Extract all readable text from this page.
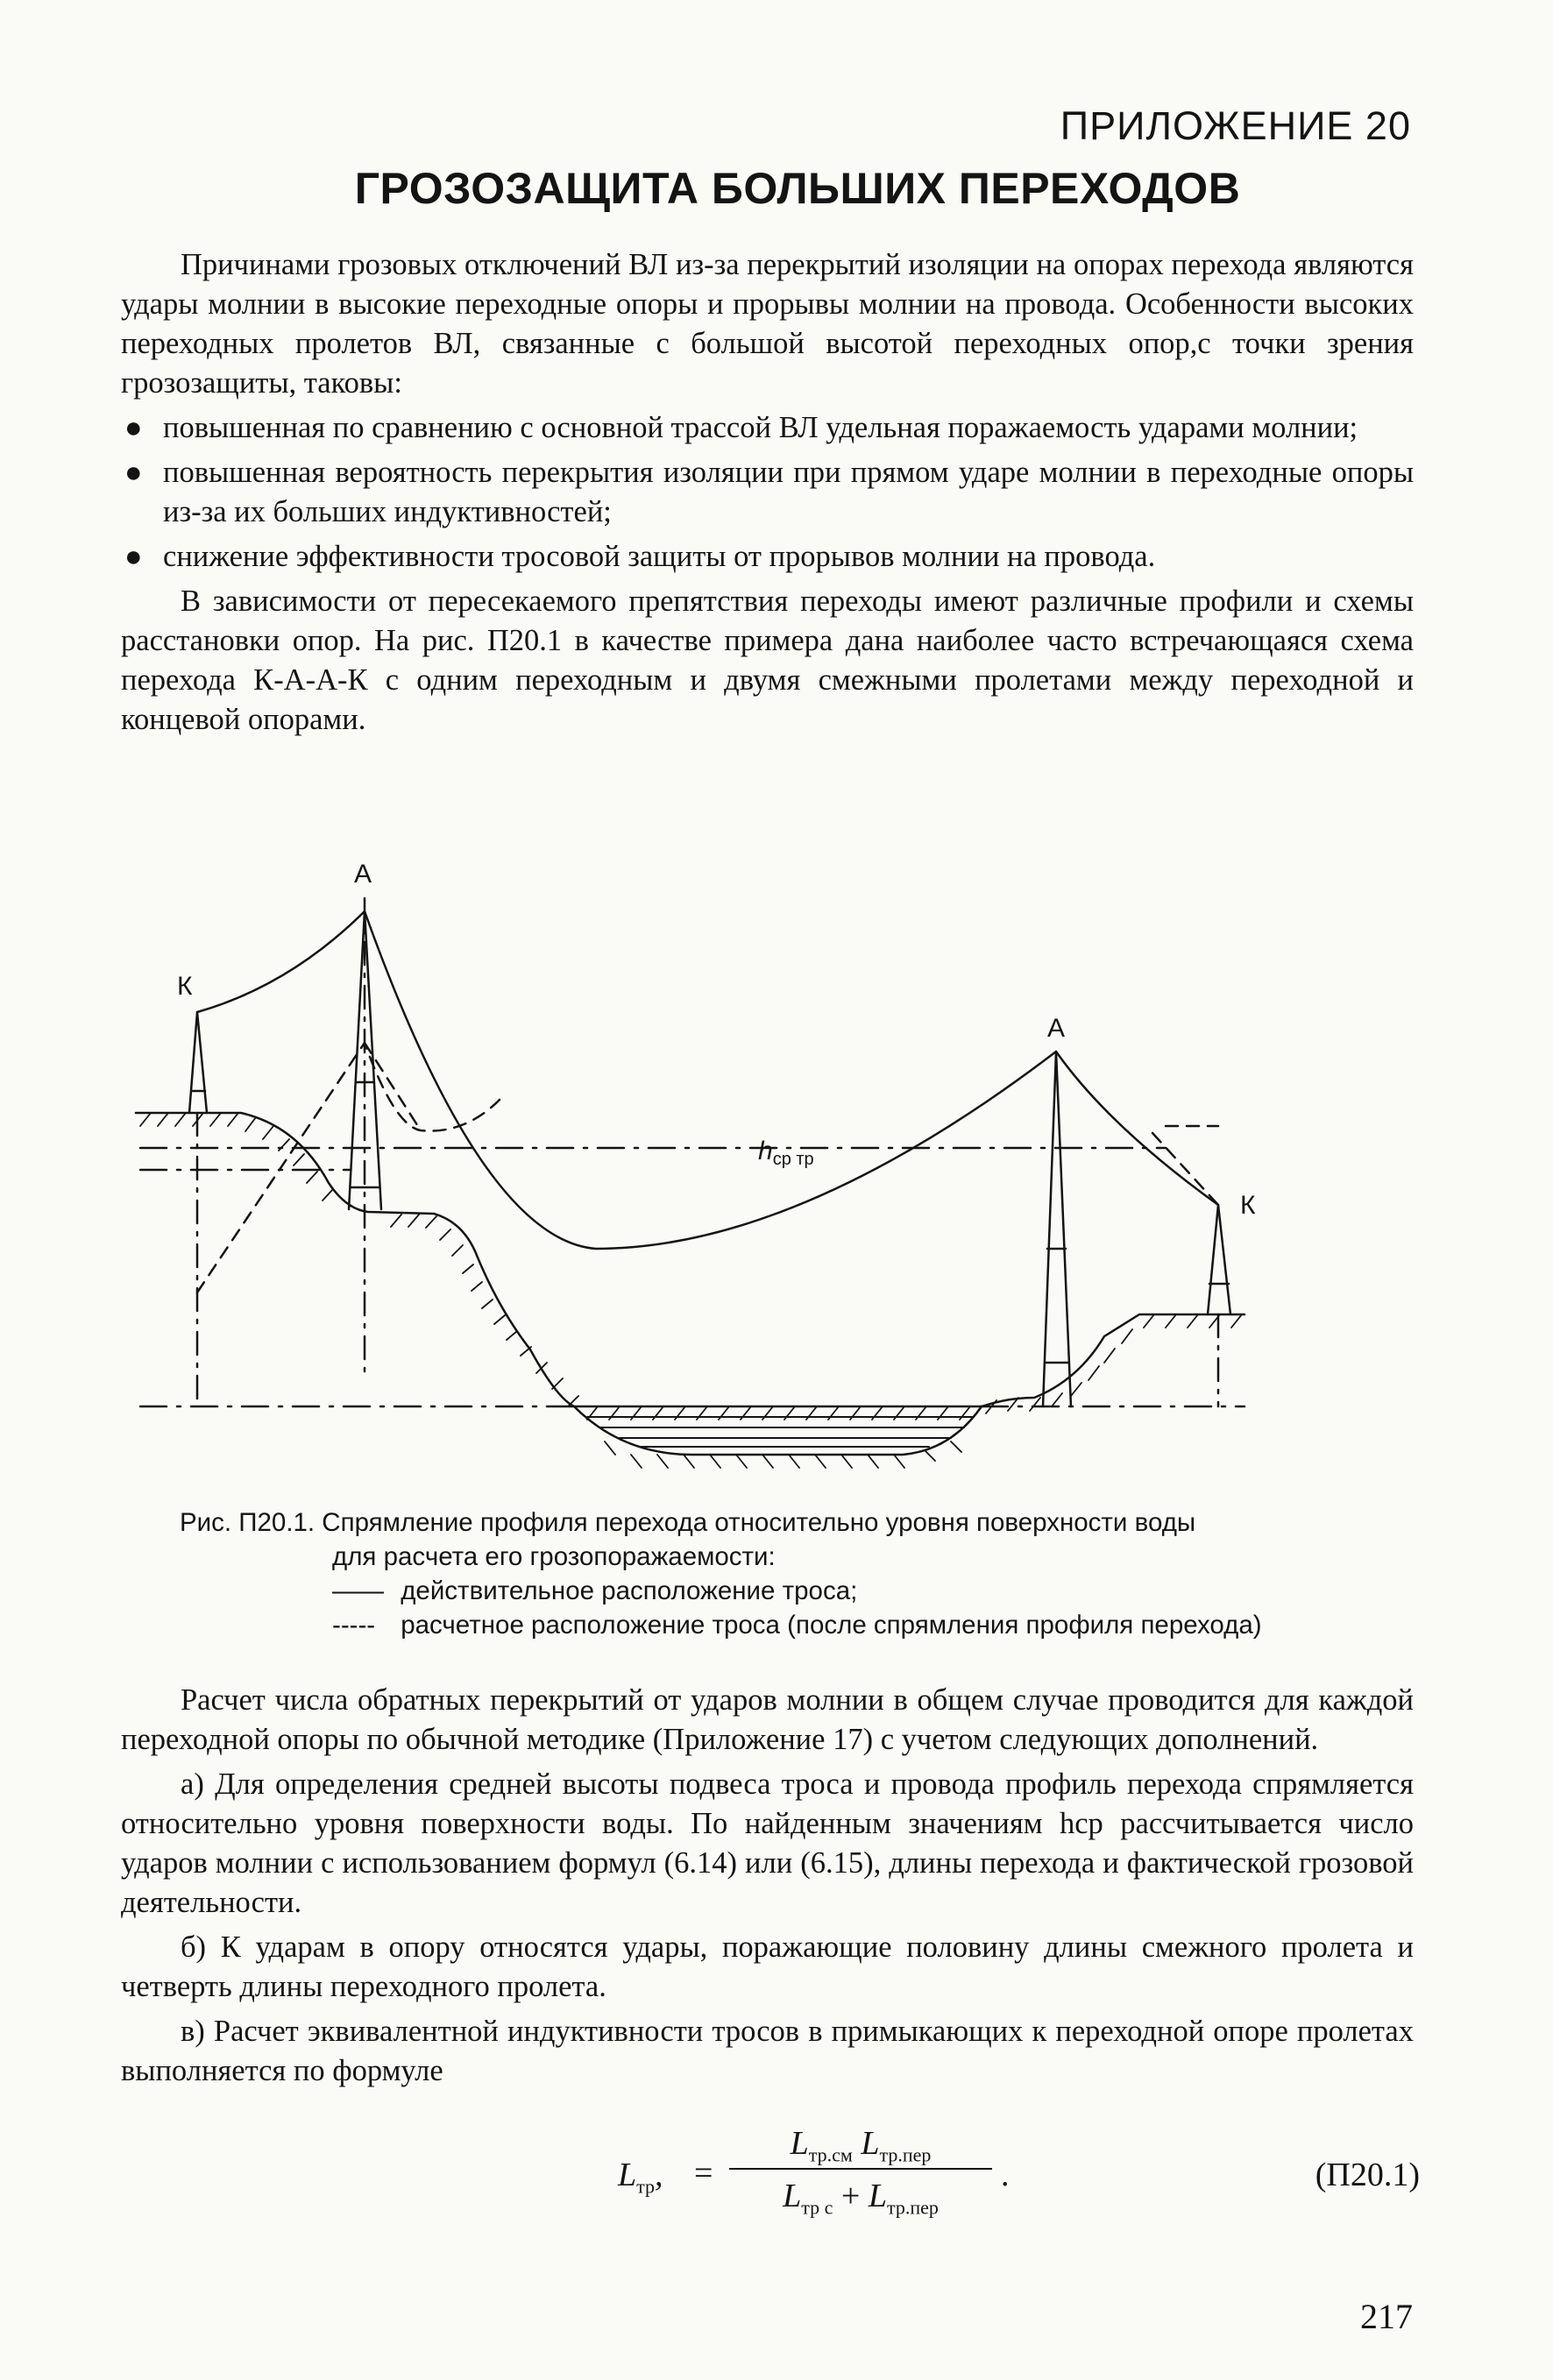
ПРИЛОЖЕНИЕ 20
ГРОЗОЗАЩИТА БОЛЬШИХ ПЕРЕХОДОВ

Причинами грозовых отключений ВЛ из-за перекрытий изоляции на опорах перехода являются удары молнии в высокие переходные опоры и прорывы молнии на провода. Особенности высоких переходных пролетов ВЛ, связанные с большой высотой переходных опор,с точки зрения грозозащиты, таковы:

● повышенная по сравнению с основной трассой ВЛ удельная поражаемость ударами молнии;
● повышенная вероятность перекрытия изоляции при прямом ударе молнии в переходные опоры из-за их больших индуктивностей;
● снижение эффективности тросовой защиты от прорывов молнии на провода.

В зависимости от пересекаемого препятствия переходы имеют различные профили и схемы расстановки опор. На рис. П20.1 в качестве примера дана наиболее часто встречающаяся схема перехода К-А-А-К с одним переходным и двумя смежными пролетами между переходной и концевой опорами.

А
А
К
К
$h_{ср тр}$
Рис. П20.1. Спрямление профиля перехода относительно уровня поверхности воды
для расчета его грозопоражаемости:
—— действительное расположение троса;
----- расчетное расположение троса (после спрямления профиля перехода)

Расчет числа обратных перекрытий от ударов молнии в общем случае проводится для каждой переходной опоры по обычной методике (Приложение 17) с учетом следующих дополнений.

а) Для определения средней высоты подвеса троса и провода профиль перехода спрямляется относительно уровня поверхности воды. По найденным значениям hср рассчитывается число ударов молнии с использованием формул (6.14) или (6.15), длины перехода и фактической грозовой деятельности.

б) К ударам в опору относятся удары, поражающие половину длины смежного пролета и четверть длины переходного пролета.

в) Расчет эквивалентной индуктивности тросов в примыкающих к переходной опоре пролетах выполняется по формуле

$L_{тр}$, =
$L_{тр.см}$ $L_{тр.пер}$
$L_{тр с} + L_{тр.пер}$
.	(П20.1)
217
